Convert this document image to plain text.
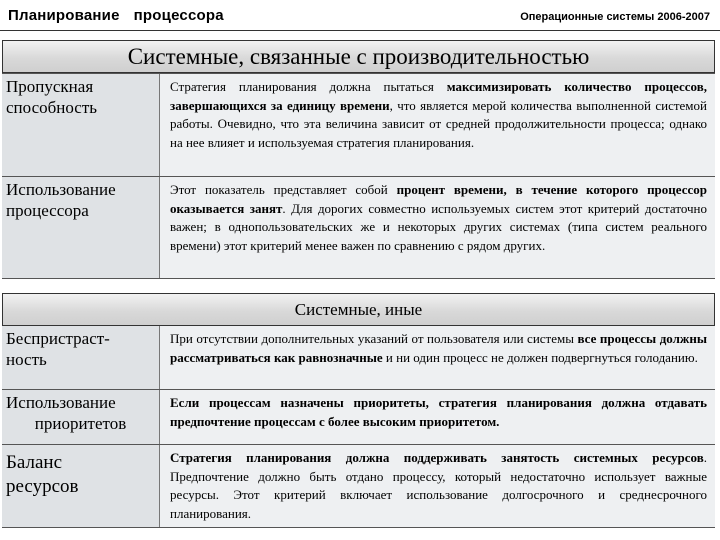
Планирование процессора	Операционные системы 2006-2007
Системные, связанные с производительностью
Пропускная
способность
Стратегия планирования должна пытаться максимизировать количество процессов, завершающихся за единицу времени, что является мерой количества выполненной системой работы. Очевидно, что эта величина зависит от средней продолжительности процесса; однако на нее влияет и используемая стратегия планирования.
Использование
процессора
Этот показатель представляет собой процент времени, в течение которого процессор оказывается занят. Для дорогих совместно используемых систем этот критерий достаточно важен; в однопользовательских же и некоторых других системах (типа систем реального времени) этот критерий менее важен по сравнению с рядом других.
Системные, иные
Беспристраст-
ность
При отсутствии дополнительных указаний от пользователя или системы все процессы должны рассматриваться как равнозначные и ни один процесс не должен подвергнуться голоданию.
Использование
приоритетов
Если процессам назначены приоритеты, стратегия планирования должна отдавать предпочтение процессам с более высоким приоритетом.
Баланс
ресурсов
Стратегия планирования должна поддерживать занятость системных ресурсов. Предпочтение должно быть отдано процессу, который недостаточно использует важные ресурсы. Этот критерий включает использование долгосрочного и среднесрочного планирования.
